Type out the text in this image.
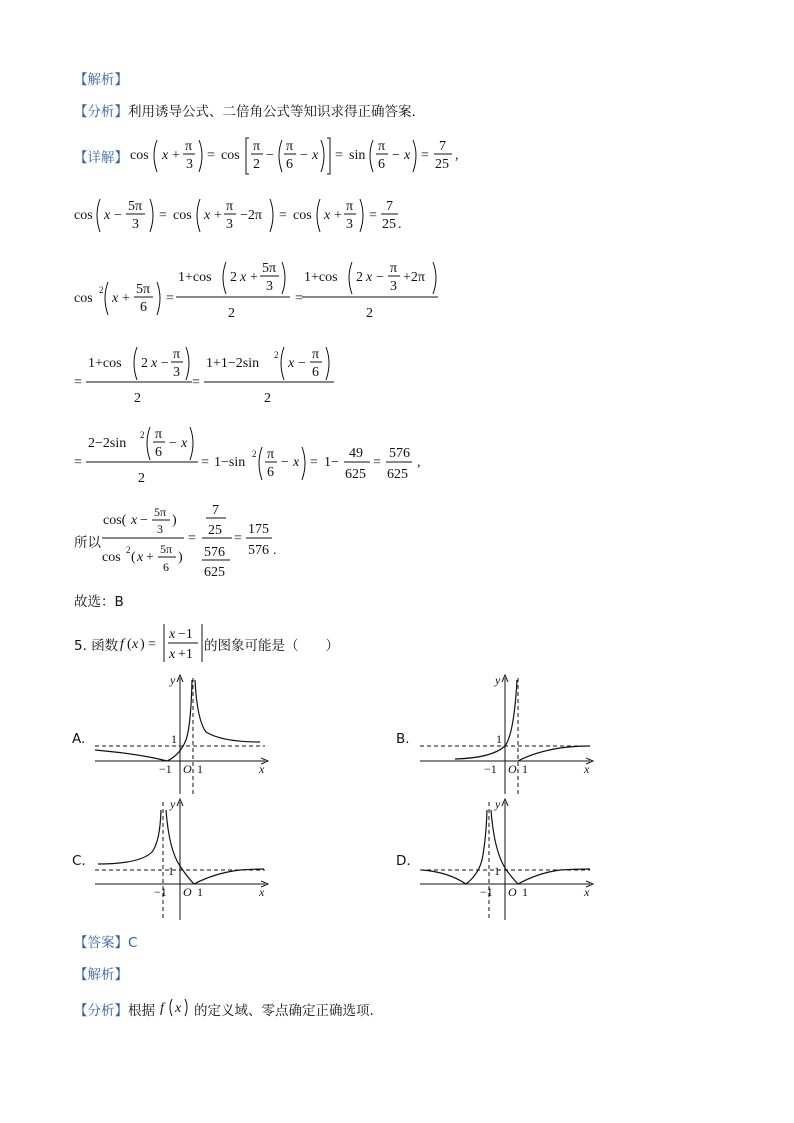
【解析】
【分析】利用诱导公式、二倍角公式等知识求得正确答案.
【详解】 cos x +
π
3
= cos
π
2
−
π
6
− x = sin
π
6
− x =
7
25
,
cos x −
5π
3
= cos x +
π
3
−2π = cos x +
π
3
=
7
25 .
cos
2
x +
5π
6
=
1+cos 2 x +
5π
3
2
=
1+cos 2 x −
π
3
+2π
2
=
1+cos 2 x −
π
3
2
=
1+1−2sin
2
x −
π
6
2
=
2−2sin
2 π
6
− x
2
= 1−sin
2 π
6
− x = 1−
49
625
=
576
625
,
cos( x −
5π
3
)
cos 2 ( x +
5π
6
)
=
7
25
576
625
=
175
576 .
所以
故选：B
5. 函数 f ( x ) =
x −1
x +1
的图象可能是（　　）
A.	B.
C.	D.
y
x
O 1
−1
1
y
x
O 1
−1
1
y
x
O 1
−1
1
y
x
O 1
−1
1
【答案】C
【解析】
【分析】根据 f x 的定义域、零点确定正确选项.
